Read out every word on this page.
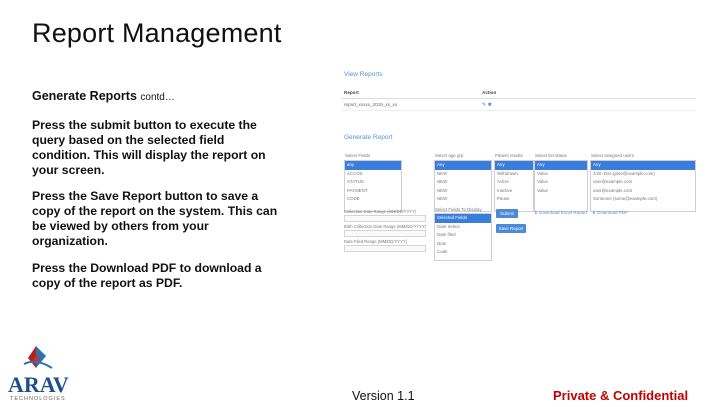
Report Management
Generate Reports contd…
Press the submit button to execute the query based on the selected field condition. This will display the report on your screen.
Press the Save Report button to save a copy of the report on the system. This can be viewed by others from your organization.
Press the Download PDF to download a copy of the report as PDF.
View Reports
Report	Action
report_xxxxx_2019_xx_xx	✎ ✖
Generate Report
Select Fields
any
ACCOS
STATUS
PAYMENT
CODE
Select age grp
Any
NEW
NEW
NEW
NEW
Patient results
Any
Withdrawn
Active
Inactive
Pause
Select list status
Any
Value
Value
Value
Select assigned users
Any
John Doe (jdoe@example.com)
user@example.com
user@example.com
Someone (some@example.com)
Collection Date Range (MM/DD/YYYY)
Birth Collection Date Range (MM/DD/YYYY)
Date Filed Range (MM/DD/YYYY)
Select Fields To Display
Selected Fields
Date Select
Date filed
Note
Code
Submit
Save Report
⬇ Download Excel Report ⬇ Download PDF
ARAV
TECHNOLOGIES	Version 1.1	Private & Confidential
